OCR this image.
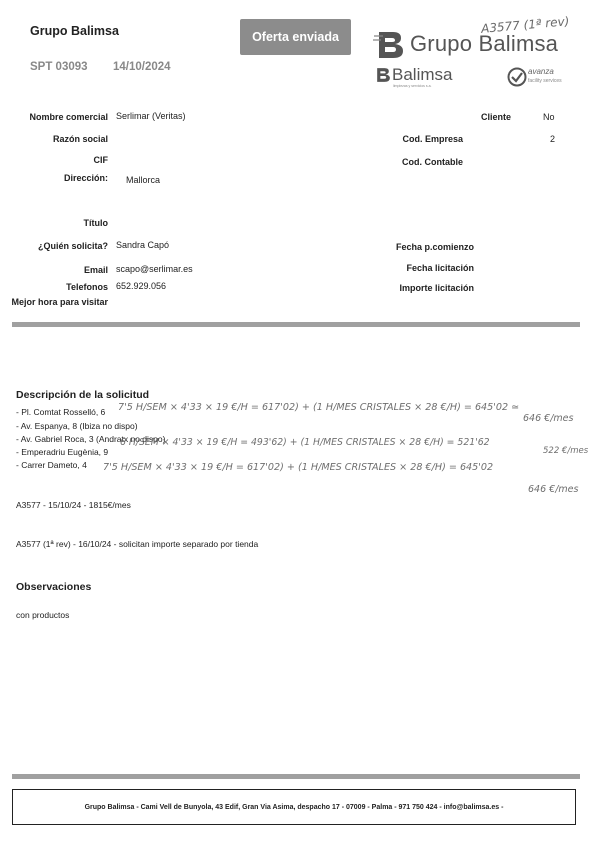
Grupo Balimsa
SPT 03093 14/10/2024
Oferta enviada	Grupo Balimsa
A3577 (1ª rev)
Balimsa
limpiezas y servicios s.a.
avanza
facility services
Nombre comercial Serlimar (Veritas)
Razón social
CIF
Dirección: Mallorca
Título
¿Quién solicita? Sandra Capó
Email scapo@serlimar.es
Telefonos 652.929.056
Mejor hora para visitar
Cliente	No
Cod. Empresa	2
Cod. Contable
Fecha p.comienzo
Fecha licitación
Importe licitación
Descripción de la solicitud
- Pl. Comtat Rosselló, 6
- Av. Espanya, 8 (Ibiza no dispo)
- Av. Gabriel Roca, 3 (Andratx no dispo)
- Emperadriu Eugènia, 9
- Carrer Dameto, 4
7'5 H/SEM × 4'33 × 19 €/H = 617'02) + (1 H/MES CRISTALES × 28 €/H) = 645'02 ≃
646 €/mes
6 H/SEM × 4'33 × 19 €/H = 493'62) + (1 H/MES CRISTALES × 28 €/H) = 521'62
522 €/mes
7'5 H/SEM × 4'33 × 19 €/H = 617'02) + (1 H/MES CRISTALES × 28 €/H) = 645'02
646 €/mes
A3577 - 15/10/24 - 1815€/mes
A3577 (1ª rev) - 16/10/24 - solicitan importe separado por tienda
Observaciones
con productos
Grupo Balimsa - Cami Vell de Bunyola, 43 Edif, Gran Via Asima, despacho 17 - 07009 - Palma - 971 750 424 - info@balimsa.es -
